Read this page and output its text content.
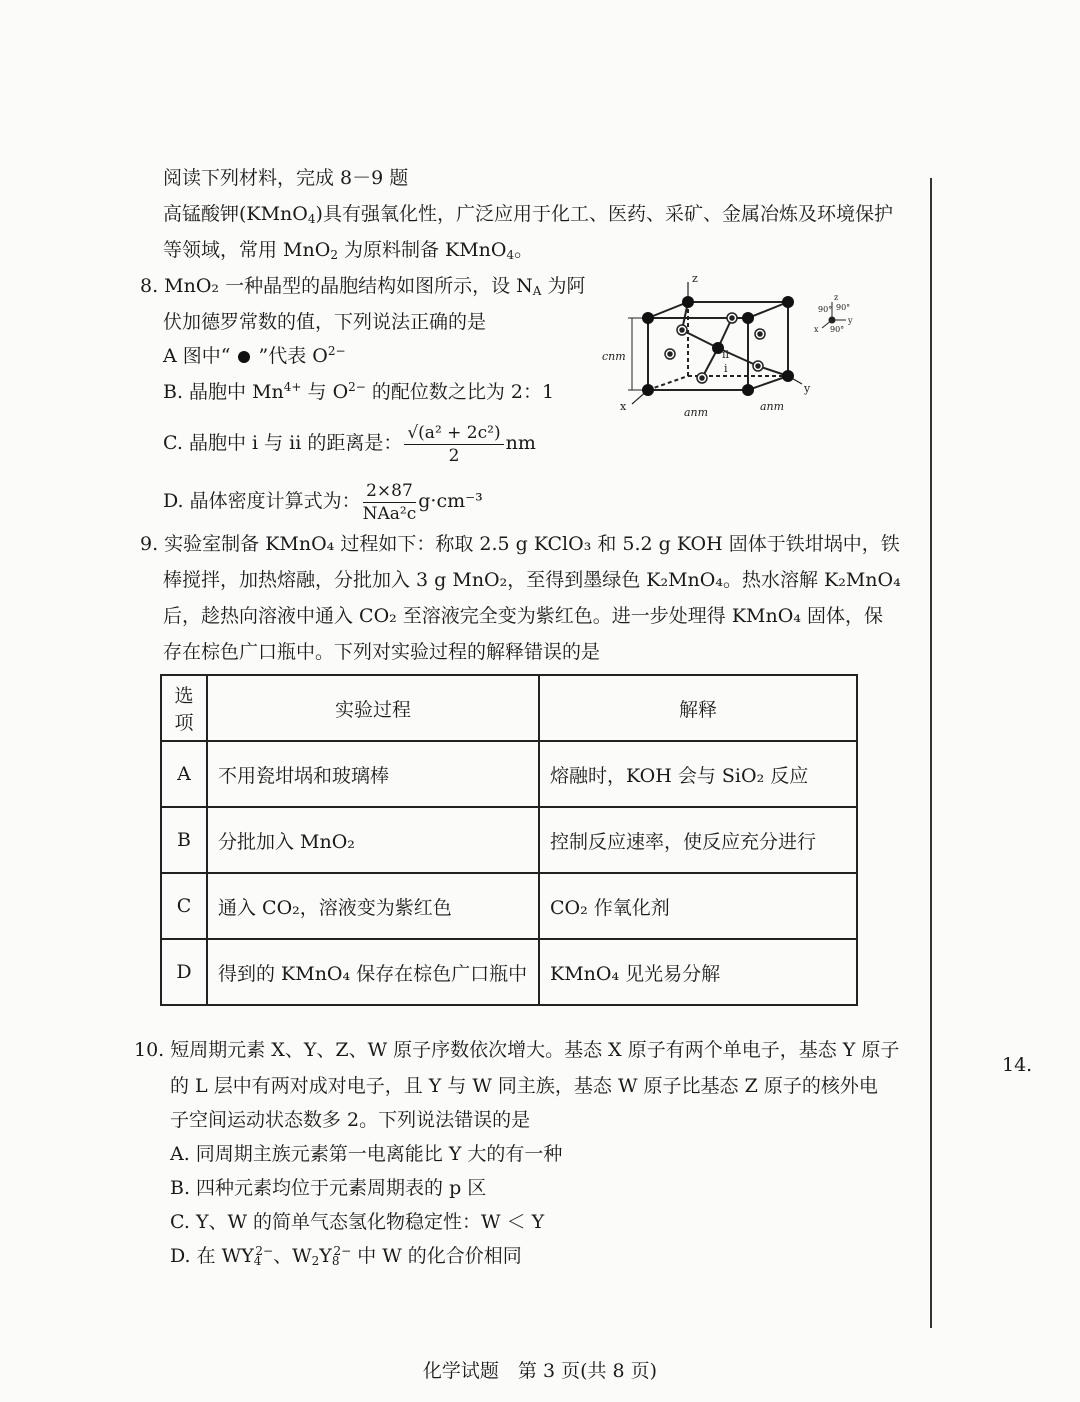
阅读下列材料，完成 8－9 题
高锰酸钾(KMnO$_4$)具有强氧化性，广泛应用于化工、医药、采矿、金属冶炼及环境保护
等领域，常用 MnO$_2$ 为原料制备 KMnO$_4$。
8. MnO₂ 一种晶型的晶胞结构如图所示，设 $N_A$ 为阿
伏加德罗常数的值，下列说法正确的是
A 图中“ ”代表 $O^{2-}$
B. 晶胞中 $Mn^{4+}$ 与 $O^{2-}$ 的配位数之比为 2：1
C. 晶胞中 i 与 ii 的距离是： $\frac{\text{√(a² + 2c²)}}{2}$ nm
D. 晶体密度计算式为： $\frac{2\times 87}{\text{NAa²c}} g\cdot cm^{-3}$
z
x
y
cnm
anm	anm
i
ii
90° 90°
90°
z
x
y
9. 实验室制备 KMnO₄ 过程如下：称取 2.5 g KClO₃ 和 5.2 g KOH 固体于铁坩埚中，铁
棒搅拌，加热熔融，分批加入 3 g MnO₂，至得到墨绿色 K₂MnO₄。热水溶解 K₂MnO₄
后，趁热向溶液中通入 CO₂ 至溶液完全变为紫红色。进一步处理得 KMnO₄ 固体，保
存在棕色广口瓶中。下列对实验过程的解释错误的是
选项	实验过程	解释
A	不用瓷坩埚和玻璃棒	熔融时，KOH 会与 SiO₂ 反应
B	分批加入 MnO₂	控制反应速率，使反应充分进行
C	通入 CO₂，溶液变为紫红色	CO₂ 作氧化剂
D	得到的 KMnO₄ 保存在棕色广口瓶中	KMnO₄ 见光易分解
10. 短周期元素 X、Y、Z、W 原子序数依次增大。基态 X 原子有两个单电子，基态 Y 原子
的 L 层中有两对成对电子，且 Y 与 W 同主族，基态 W 原子比基态 Z 原子的核外电
子空间运动状态数多 2。下列说法错误的是
A. 同周期主族元素第一电离能比 Y 大的有一种
B. 四种元素均位于元素周期表的 p 区
C. Y、W 的简单气态氢化物稳定性：W ＜ Y
D. 在 $WY_4^{2-}$、$W_2Y_8^{2-}$ 中 W 的化合价相同
14.
化学试题　第 3 页(共 8 页)
